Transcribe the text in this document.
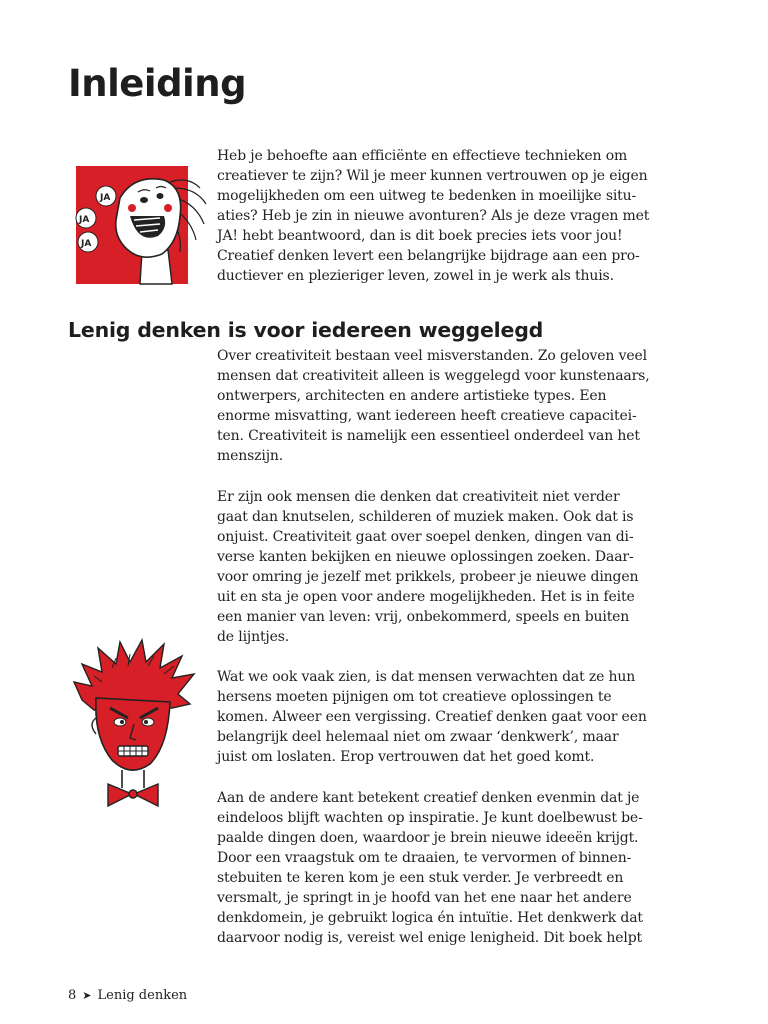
Inleiding
JA
JA
JA

Heb je behoefte aan efficiënte en effectieve technieken om

creatiever te zijn? Wil je meer kunnen vertrouwen op je eigen

mogelijkheden om een uitweg te bedenken in moeilijke situ-

aties? Heb je zin in nieuwe avonturen? Als je deze vragen met

JA! hebt beantwoord, dan is dit boek precies iets voor jou!

Creatief denken levert een belangrijke bijdrage aan een pro-

ductiever en plezieriger leven, zowel in je werk als thuis.

Lenig denken is voor iedereen weggelegd

Over creativiteit bestaan veel misverstanden. Zo geloven veel

mensen dat creativiteit alleen is weggelegd voor kunstenaars,

ontwerpers, architecten en andere artistieke types. Een

enorme misvatting, want iedereen heeft creatieve capacitei-

ten. Creativiteit is namelijk een essentieel onderdeel van het

menszijn.

Er zijn ook mensen die denken dat creativiteit niet verder

gaat dan knutselen, schilderen of muziek maken. Ook dat is

onjuist. Creativiteit gaat over soepel denken, dingen van di-

verse kanten bekijken en nieuwe oplossingen zoeken. Daar-

voor omring je jezelf met prikkels, probeer je nieuwe dingen

uit en sta je open voor andere mogelijkheden. Het is in feite

een manier van leven: vrij, onbekommerd, speels en buiten

de lijntjes.

Wat we ook vaak zien, is dat mensen verwachten dat ze hun

hersens moeten pijnigen om tot creatieve oplossingen te

komen. Alweer een vergissing. Creatief denken gaat voor een

belangrijk deel helemaal niet om zwaar ‘denkwerk’, maar

juist om loslaten. Erop vertrouwen dat het goed komt.

Aan de andere kant betekent creatief denken evenmin dat je

eindeloos blijft wachten op inspiratie. Je kunt doelbewust be-

paalde dingen doen, waardoor je brein nieuwe ideeën krijgt.

Door een vraagstuk om te draaien, te vervormen of binnen-

stebuiten te keren kom je een stuk verder. Je verbreedt en

versmalt, je springt in je hoofd van het ene naar het andere

denkdomein, je gebruikt logica én intuïtie. Het denkwerk dat

daarvoor nodig is, vereist wel enige lenigheid. Dit boek helpt

8 ➤ Lenig denken
